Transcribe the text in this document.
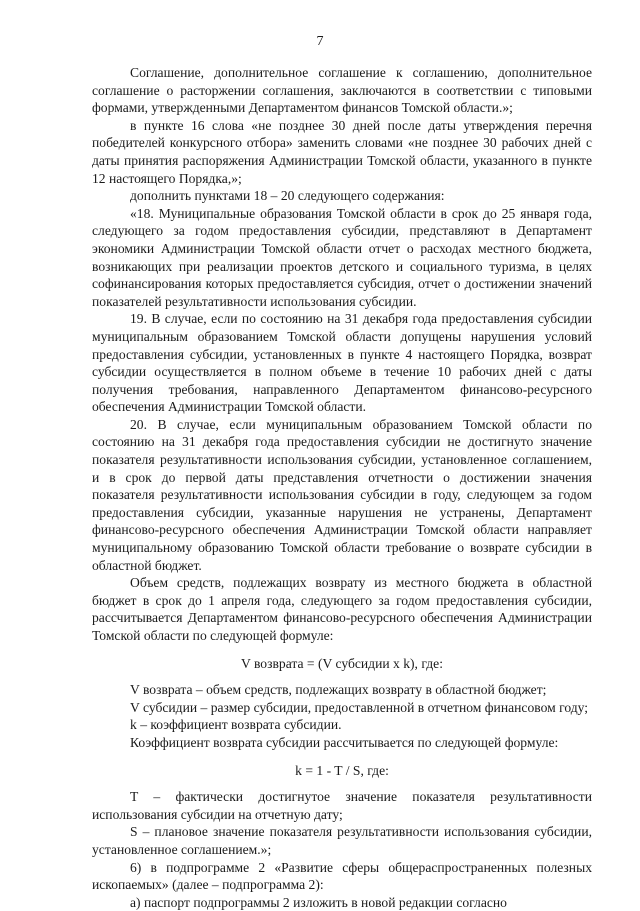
7

Соглашение, дополнительное соглашение к соглашению, дополнительное соглашение о расторжении соглашения, заключаются в соответствии с типовыми формами, утвержденными Департаментом финансов Томской области.»;

в пункте 16 слова «не позднее 30 дней после даты утверждения перечня победителей конкурсного отбора» заменить словами «не позднее 30 рабочих дней с даты принятия распоряжения Администрации Томской области, указанного в пункте 12 настоящего Порядка,»;

дополнить пунктами 18 – 20 следующего содержания:

«18. Муниципальные образования Томской области в срок до 25 января года, следующего за годом предоставления субсидии, представляют в Департамент экономики Администрации Томской области отчет о расходах местного бюджета, возникающих при реализации проектов детского и социального туризма, в целях софинансирования которых предоставляется субсидия, отчет о достижении значений показателей результативности использования субсидии.

19. В случае, если по состоянию на 31 декабря года предоставления субсидии муниципальным образованием Томской области допущены нарушения условий предоставления субсидии, установленных в пункте 4 настоящего Порядка, возврат субсидии осуществляется в полном объеме в течение 10 рабочих дней с даты получения требования, направленного Департаментом финансово-ресурсного обеспечения Администрации Томской области.

20. В случае, если муниципальным образованием Томской области по состоянию на 31 декабря года предоставления субсидии не достигнуто значение показателя результативности использования субсидии, установленное соглашением, и в срок до первой даты представления отчетности о достижении значения показателя результативности использования субсидии в году, следующем за годом предоставления субсидии, указанные нарушения не устранены, Департамент финансово-ресурсного обеспечения Администрации Томской области направляет муниципальному образованию Томской области требование о возврате субсидии в областной бюджет.

Объем средств, подлежащих возврату из местного бюджета в областной бюджет в срок до 1 апреля года, следующего за годом предоставления субсидии, рассчитывается Департаментом финансово-ресурсного обеспечения Администрации Томской области по следующей формуле:

V возврата = (V субсидии x k), где:

V возврата – объем средств, подлежащих возврату в областной бюджет;

V субсидии – размер субсидии, предоставленной в отчетном финансовом году;

k – коэффициент возврата субсидии.

Коэффициент возврата субсидии рассчитывается по следующей формуле:

k = 1 - T / S, где:

T – фактически достигнутое значение показателя результативности использования субсидии на отчетную дату;

S – плановое значение показателя результативности использования субсидии, установленное соглашением.»;

6) в подпрограмме 2 «Развитие сферы общераспространенных полезных ископаемых» (далее – подпрограмма 2):

а) паспорт подпрограммы 2 изложить в новой редакции согласно
